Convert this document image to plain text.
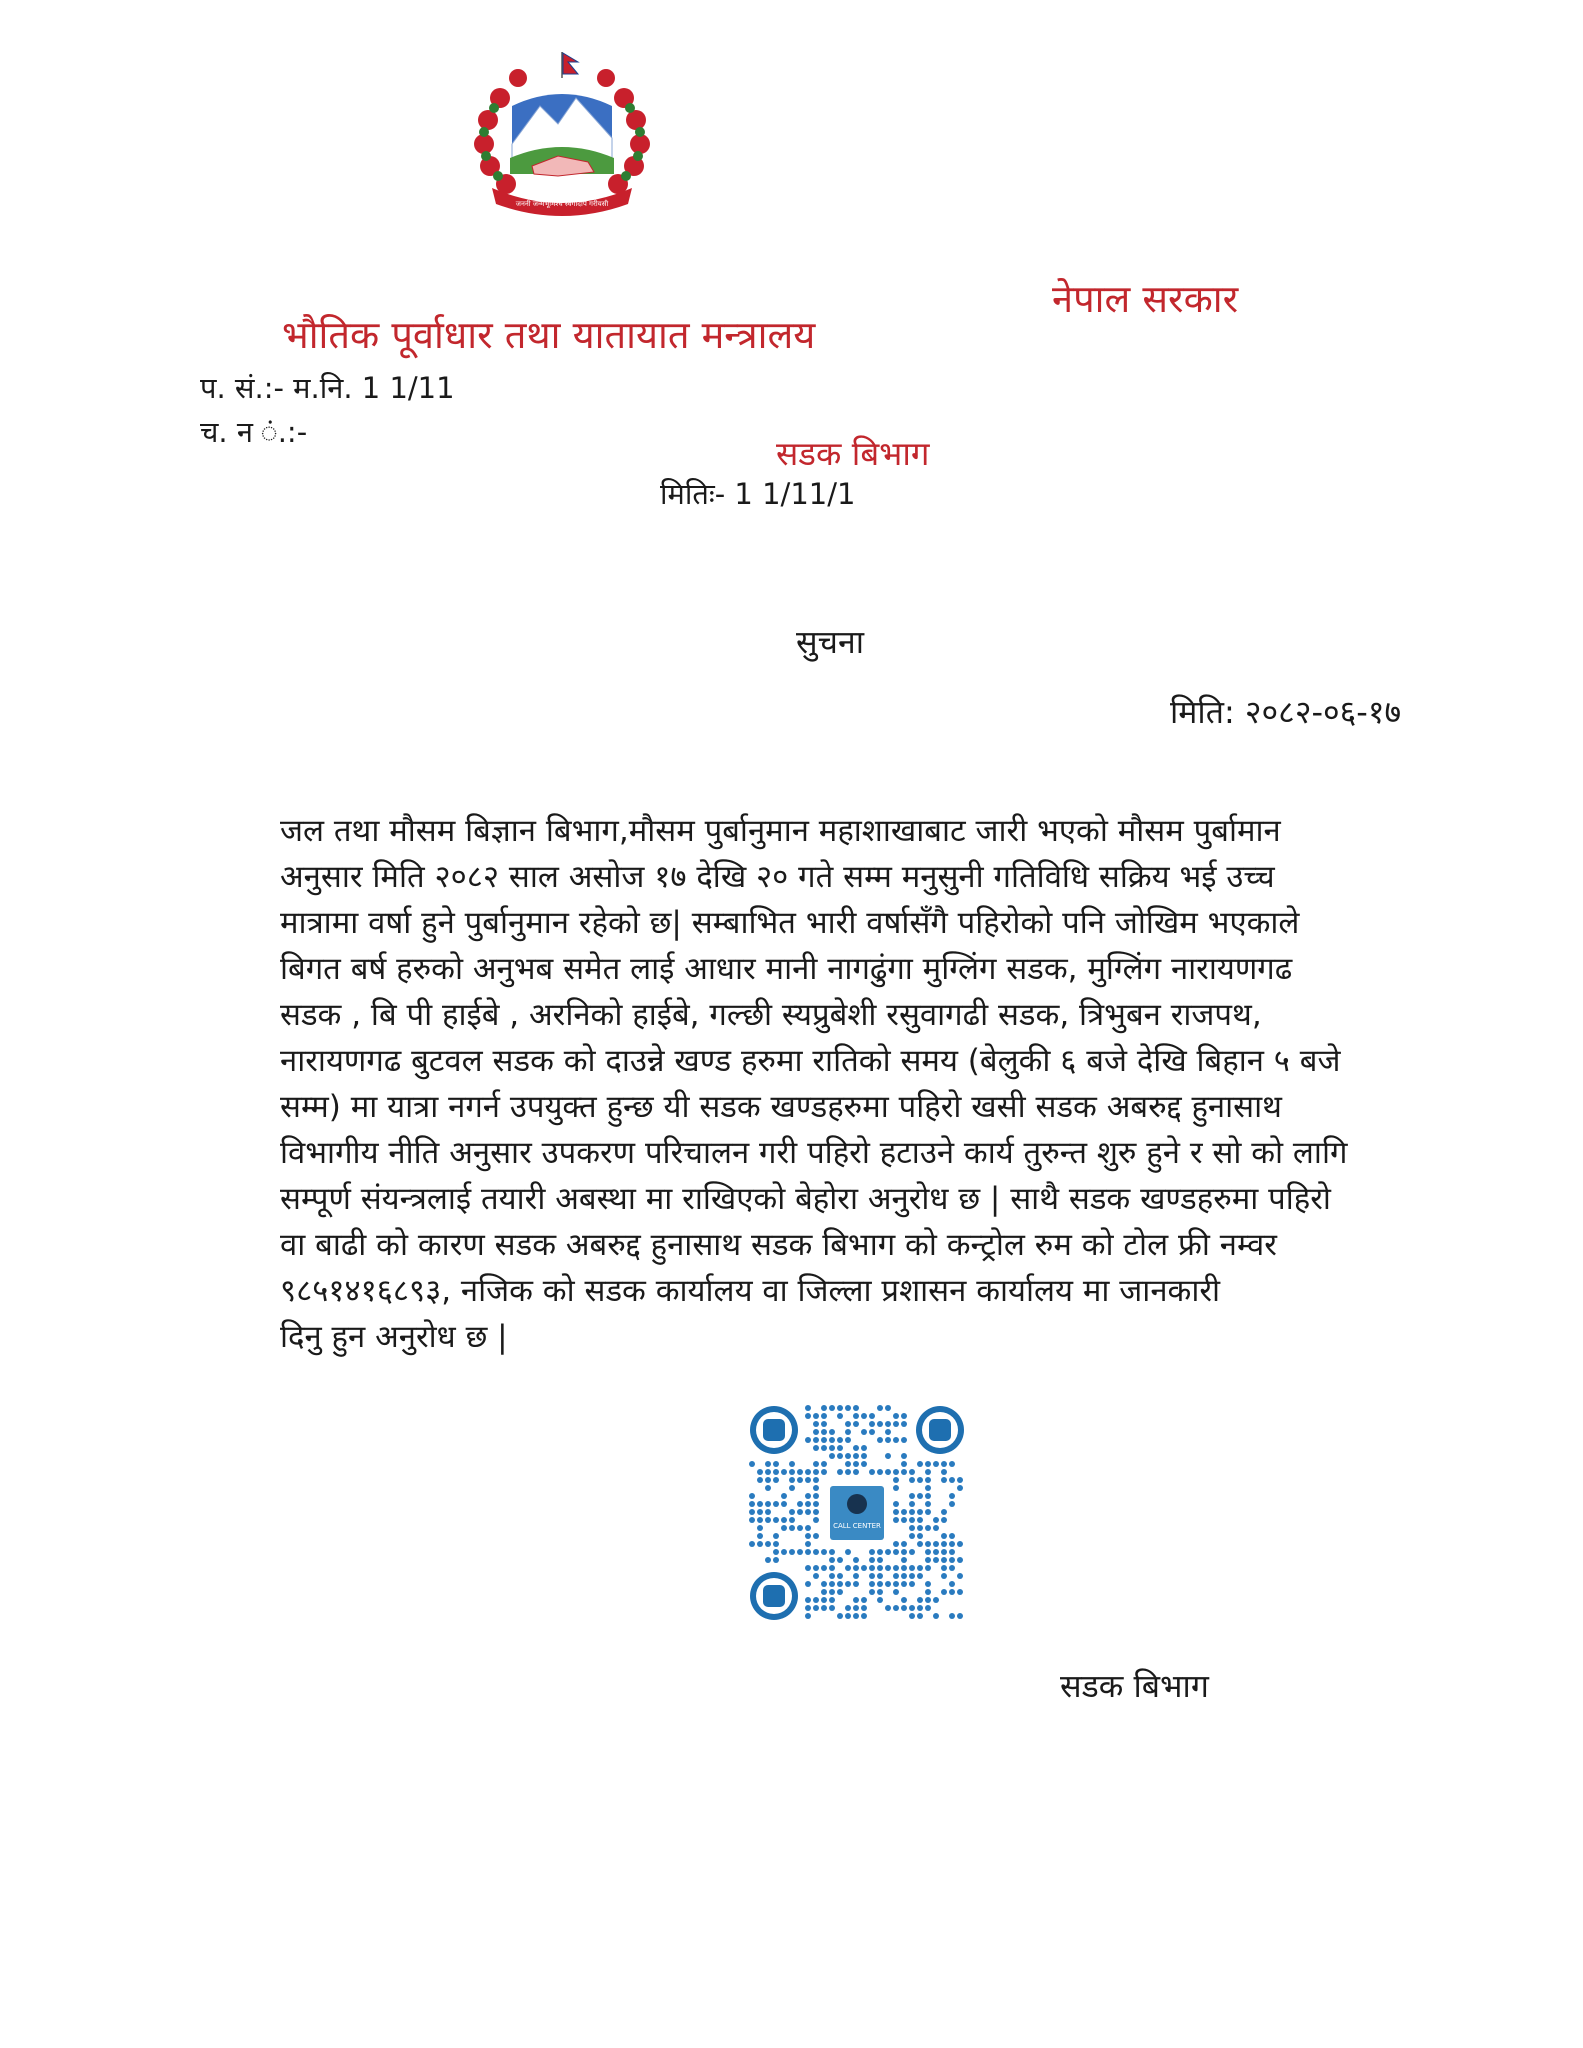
जननी जन्मभूमिश्च स्वर्गादपि गरीयसी
नेपाल सरकार
भौतिक पूर्वाधार तथा यातायात मन्त्रालय
प. सं.:- म.नि. 1 1/11
च. न ं.:-
सडक बिभाग
मितिः- 1 1/11/1
सुचना
मिति: २०८२-०६-१७
जल तथा मौसम बिज्ञान बिभाग,मौसम पुर्बानुमान महाशाखाबाट जारी भएको मौसम पुर्बामान
अनुसार मिति २०८२ साल असोज १७ देखि २० गते सम्म मनुसुनी गतिविधि सक्रिय भई उच्च
मात्रामा वर्षा हुने पुर्बानुमान रहेको छ| सम्बाभित भारी वर्षासँगै पहिरोको पनि जोखिम भएकाले
बिगत बर्ष हरुको अनुभब समेत लाई आधार मानी नागढुंगा मुग्लिंग सडक, मुग्लिंग नारायणगढ
सडक , बि पी हाईबे , अरनिको हाईबे, गल्छी स्यप्रुबेशी रसुवागढी सडक, त्रिभुबन राजपथ,
नारायणगढ बुटवल सडक को दाउन्ने खण्ड हरुमा रातिको समय (बेलुकी ६ बजे देखि बिहान ५ बजे
सम्म) मा यात्रा नगर्न उपयुक्त हुन्छ यी सडक खण्डहरुमा पहिरो खसी सडक अबरुद्द हुनासाथ
विभागीय नीति अनुसार उपकरण परिचालन गरी पहिरो हटाउने कार्य तुरुन्त शुरु हुने र सो को लागि
सम्पूर्ण संयन्त्रलाई तयारी अबस्था मा राखिएको बेहोरा अनुरोध छ | साथै सडक खण्डहरुमा पहिरो
वा बाढी को कारण सडक अबरुद्द हुनासाथ सडक बिभाग को कन्ट्रोल रुम को टोल फ्री नम्वर
९८५१४१६८९३, नजिक को सडक कार्यालय वा जिल्ला प्रशासन कार्यालय मा जानकारी
दिनु हुन अनुरोध छ |
CALL CENTER
सडक बिभाग
